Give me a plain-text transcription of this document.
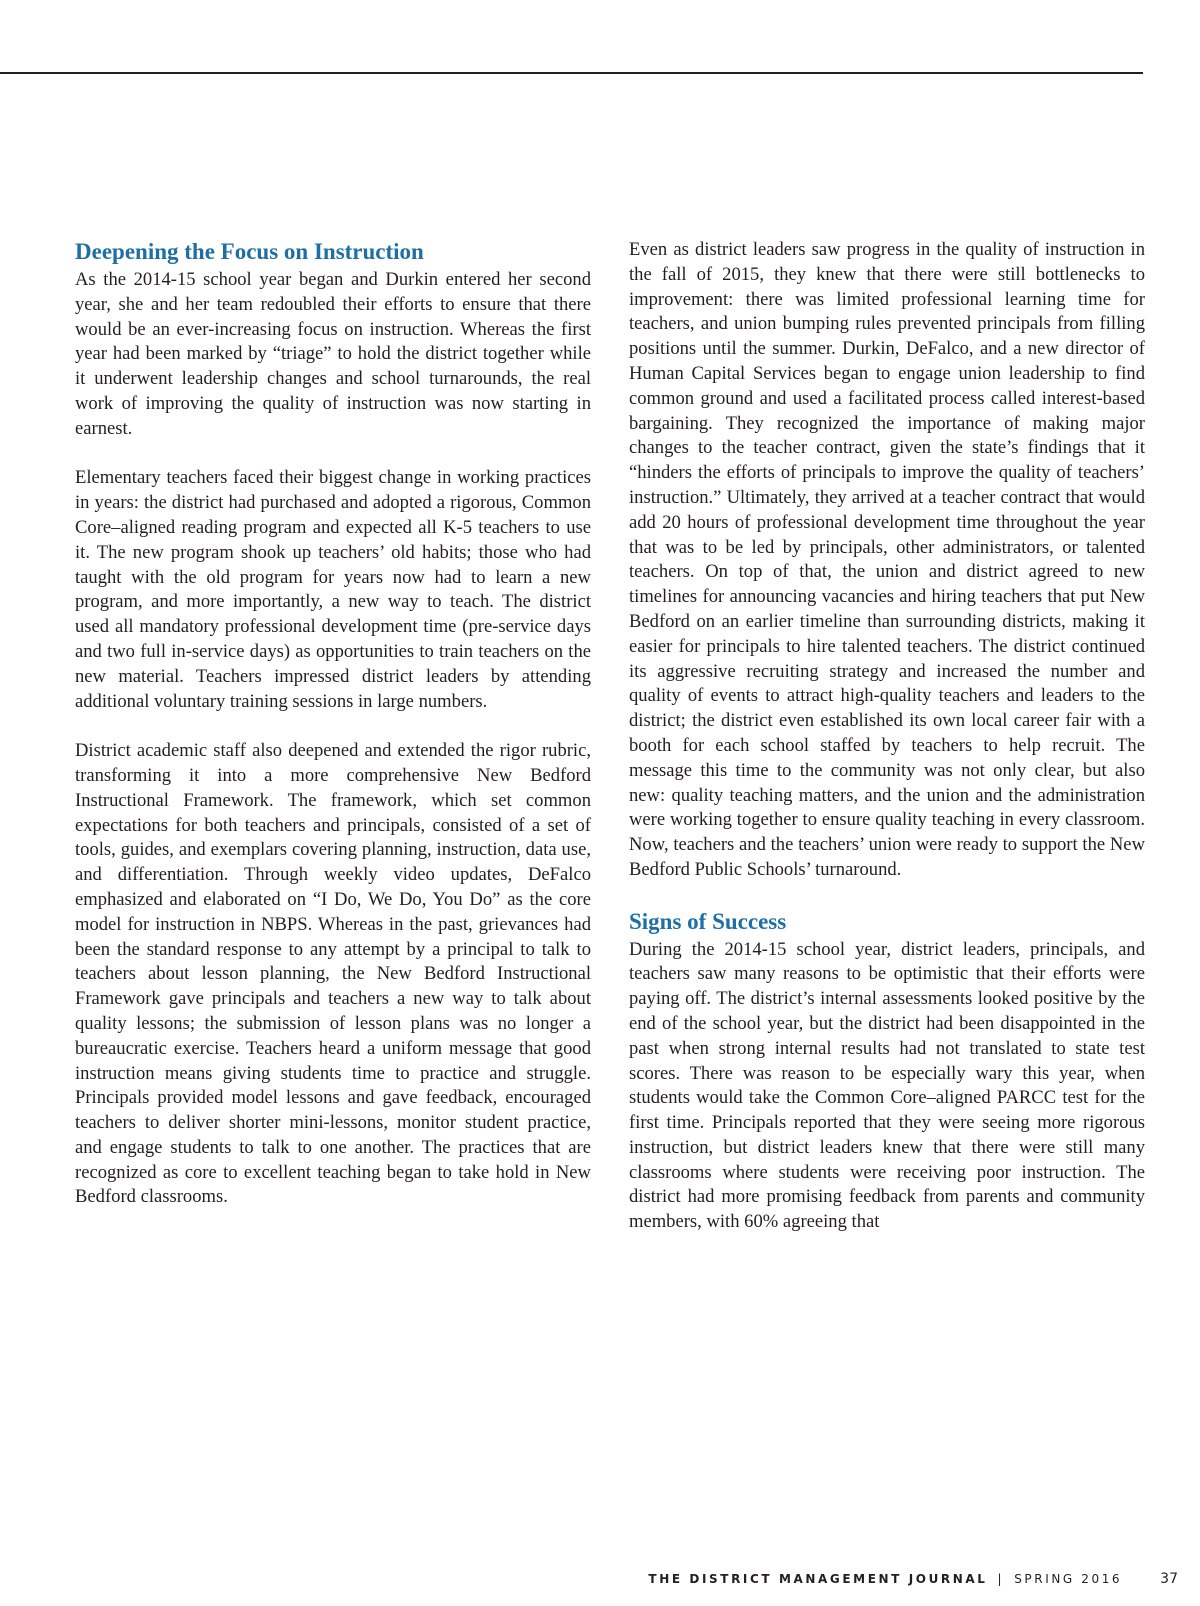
Deepening the Focus on Instruction

As the 2014-15 school year began and Durkin entered her second year, she and her team redoubled their efforts to ensure that there would be an ever-increasing focus on instruction. Whereas the first year had been marked by “triage” to hold the district together while it underwent leadership changes and school turnarounds, the real work of improving the quality of instruction was now starting in earnest.

Elementary teachers faced their biggest change in working practices in years: the district had purchased and adopted a rigorous, Common Core–aligned reading program and expected all K-5 teachers to use it. The new program shook up teachers’ old habits; those who had taught with the old program for years now had to learn a new program, and more importantly, a new way to teach. The district used all mandatory professional development time (pre-service days and two full in-service days) as opportunities to train teachers on the new material. Teachers impressed district leaders by attending additional voluntary training sessions in large numbers.

District academic staff also deepened and extended the rigor rubric, transforming it into a more comprehensive New Bedford Instructional Framework. The framework, which set common expectations for both teachers and principals, consisted of a set of tools, guides, and exemplars covering planning, instruction, data use, and differentiation. Through weekly video updates, DeFalco emphasized and elaborated on “I Do, We Do, You Do” as the core model for instruction in NBPS. Whereas in the past, grievances had been the standard response to any attempt by a principal to talk to teachers about lesson planning, the New Bedford Instructional Framework gave principals and teachers a new way to talk about quality lessons; the submission of lesson plans was no longer a bureaucratic exercise. Teachers heard a uniform message that good instruction means giving students time to practice and struggle. Principals provided model lessons and gave feedback, encouraged teachers to deliver shorter mini-lessons, monitor student practice, and engage students to talk to one another. The practices that are recognized as core to excellent teaching began to take hold in New Bedford classrooms.

Even as district leaders saw progress in the quality of instruction in the fall of 2015, they knew that there were still bottlenecks to improvement: there was limited professional learning time for teachers, and union bumping rules prevented principals from filling positions until the summer. Durkin, DeFalco, and a new director of Human Capital Services began to engage union leadership to find common ground and used a facilitated process called interest-based bargaining. They recognized the importance of making major changes to the teacher contract, given the state’s findings that it “hinders the efforts of principals to improve the quality of teachers’ instruction.” Ultimately, they arrived at a teacher contract that would add 20 hours of professional development time throughout the year that was to be led by principals, other administrators, or talented teachers. On top of that, the union and district agreed to new timelines for announcing vacancies and hiring teachers that put New Bedford on an earlier timeline than surrounding districts, making it easier for principals to hire talented teachers. The district continued its aggressive recruiting strategy and increased the number and quality of events to attract high-quality teachers and leaders to the district; the district even established its own local career fair with a booth for each school staffed by teachers to help recruit. The message this time to the community was not only clear, but also new: quality teaching matters, and the union and the administration were working together to ensure quality teaching in every classroom. Now, teachers and the teachers’ union were ready to support the New Bedford Public Schools’ turnaround.

Signs of Success

During the 2014-15 school year, district leaders, principals, and teachers saw many reasons to be optimistic that their efforts were paying off. The district’s internal assessments looked positive by the end of the school year, but the district had been disappointed in the past when strong internal results had not translated to state test scores. There was reason to be especially wary this year, when students would take the Common Core–aligned PARCC test for the first time. Principals reported that they were seeing more rigorous instruction, but district leaders knew that there were still many classrooms where students were receiving poor instruction. The district had more promising feedback from parents and community members, with 60% agreeing that

THE DISTRICT MANAGEMENT JOURNAL | SPRING 2016	37
